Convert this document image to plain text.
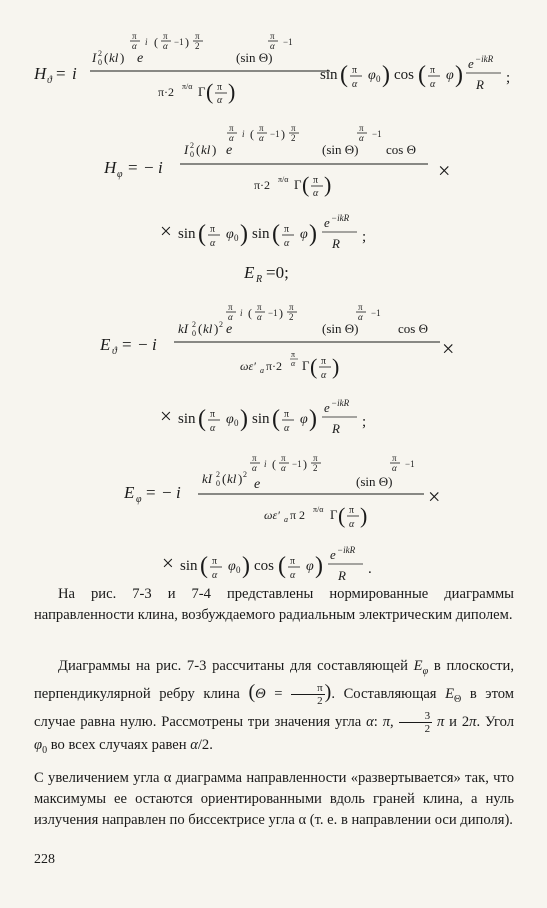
H ϑ = i
π
α i ( π
α −1 ) π
2
I 2
0 ( kl ) e
π
α −1
(sin Θ)
π·2 π/α Γ ( π
α )
sin ( π
α
φ 0 ) cos ( π
α
φ ) e −ikR
R ;
H φ = − i
π
α i ( π
α −1 ) π
2
π
α −1
I 2
0 ( kl ) e	(sin Θ) cos Θ
π·2 π/α Γ ( π
α )
×
× sin ( π
α
φ 0 ) sin ( π
α
φ ) e −ikR
R ;
E R =0;
E ϑ = − i
π
α i ( π
α −1 ) π
2
π
α −1
kI 2
0 ( kl ) 2 e	(sin Θ)	cos Θ
ωε′ a π·2
π
α Γ ( π
α )
×
× sin ( π
α
φ 0 ) sin ( π
α
φ ) e −ikR
R ;
E φ = − i
π
α i ( π
α −1 ) π
2
π
α −1
kI 2
0 ( kl ) 2
e	(sin Θ)
ωε′ a π 2 π/α Γ ( π
α )
×
× sin ( π
α
φ 0 ) cos ( π
α
φ ) e −ikR
R .

На рис. 7-3 и 7-4 представлены нормированные диаграммы направленности клина, возбуждаемого радиальным электрическим диполем.

Диаграммы на рис. 7-3 рассчитаны для составляющей $E_\varphi$ в плоскости, перпендикулярной ребру клина ($\Theta = \frac{\pi}{2}$ ). Составляющая $E_\Theta$ в этом случае равна нулю. Рассмотрены три значения угла α: π, $\frac{3}{2}$ π и 2π. Угол $\varphi_0$ во всех случаях равен α/2.

С увеличением угла α диаграмма направленности «развертывается» так, что максимумы ее остаются ориентированными вдоль граней клина, а нуль излучения направлен по биссектрисе угла α (т. е. в направлении оси диполя).

228
